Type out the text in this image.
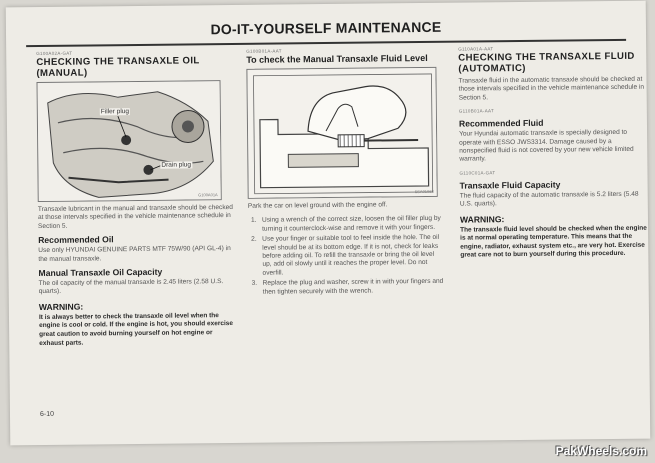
DO-IT-YOURSELF MAINTENANCE
G100A02A-GAT
CHECKING THE TRANSAXLE OIL (MANUAL)
Filler plug
Drain plug
G100A01A
Transaxle lubricant in the manual and transaxle should be checked at those intervals specified in the vehicle maintenance schedule in Section 5.
Recommended Oil
Use only HYUNDAI GENUINE PARTS MTF 75W/90 (API GL-4) in the manual transaxle.
Manual Transaxle Oil Capacity
The oil capacity of the manual transaxle is 2.45 liters (2.58 U.S. quarts).
WARNING:
It is always better to check the transaxle oil level when the engine is cool or cold. If the engine is hot, you should exercise great caution to avoid burning yourself on hot engine or exhaust parts.
G100B01A-AAT
To check the Manual Transaxle Fluid Level
5SA01068
Park the car on level ground with the engine off.
1. Using a wrench of the correct size, loosen the oil filler plug by turning it counterclock-wise and remove it with your fingers.
2. Use your finger or suitable tool to feel inside the hole. The oil level should be at its bottom edge. If it is not, check for leaks before adding oil. To refill the transaxle or bring the oil level up, add oil slowly until it reaches the proper level. Do not overfill.
3. Replace the plug and washer, screw it in with your fingers and then tighten securely with the wrench.
G110A01A-AAT
CHECKING THE TRANSAXLE FLUID (AUTOMATIC)
Transaxle fluid in the automatic transaxle should be checked at those intervals specified in the vehicle maintenance schedule in Section 5.
G110B01A-AAT
Recommended Fluid
Your Hyundai automatic transaxle is specially designed to operate with ESSO JWS3314. Damage caused by a nonspecified fluid is not covered by your new vehicle limited warranty.
G110C01A-GAT
Transaxle Fluid Capacity
The fluid capacity of the automatic transaxle is 5.2 liters (5.48 U.S. quarts).
WARNING:
The transaxle fluid level should be checked when the engine is at normal operating temperature. This means that the engine, radiator, exhaust system etc., are very hot. Exercise great care not to burn yourself during this procedure.
6-10
PakWheels.com
